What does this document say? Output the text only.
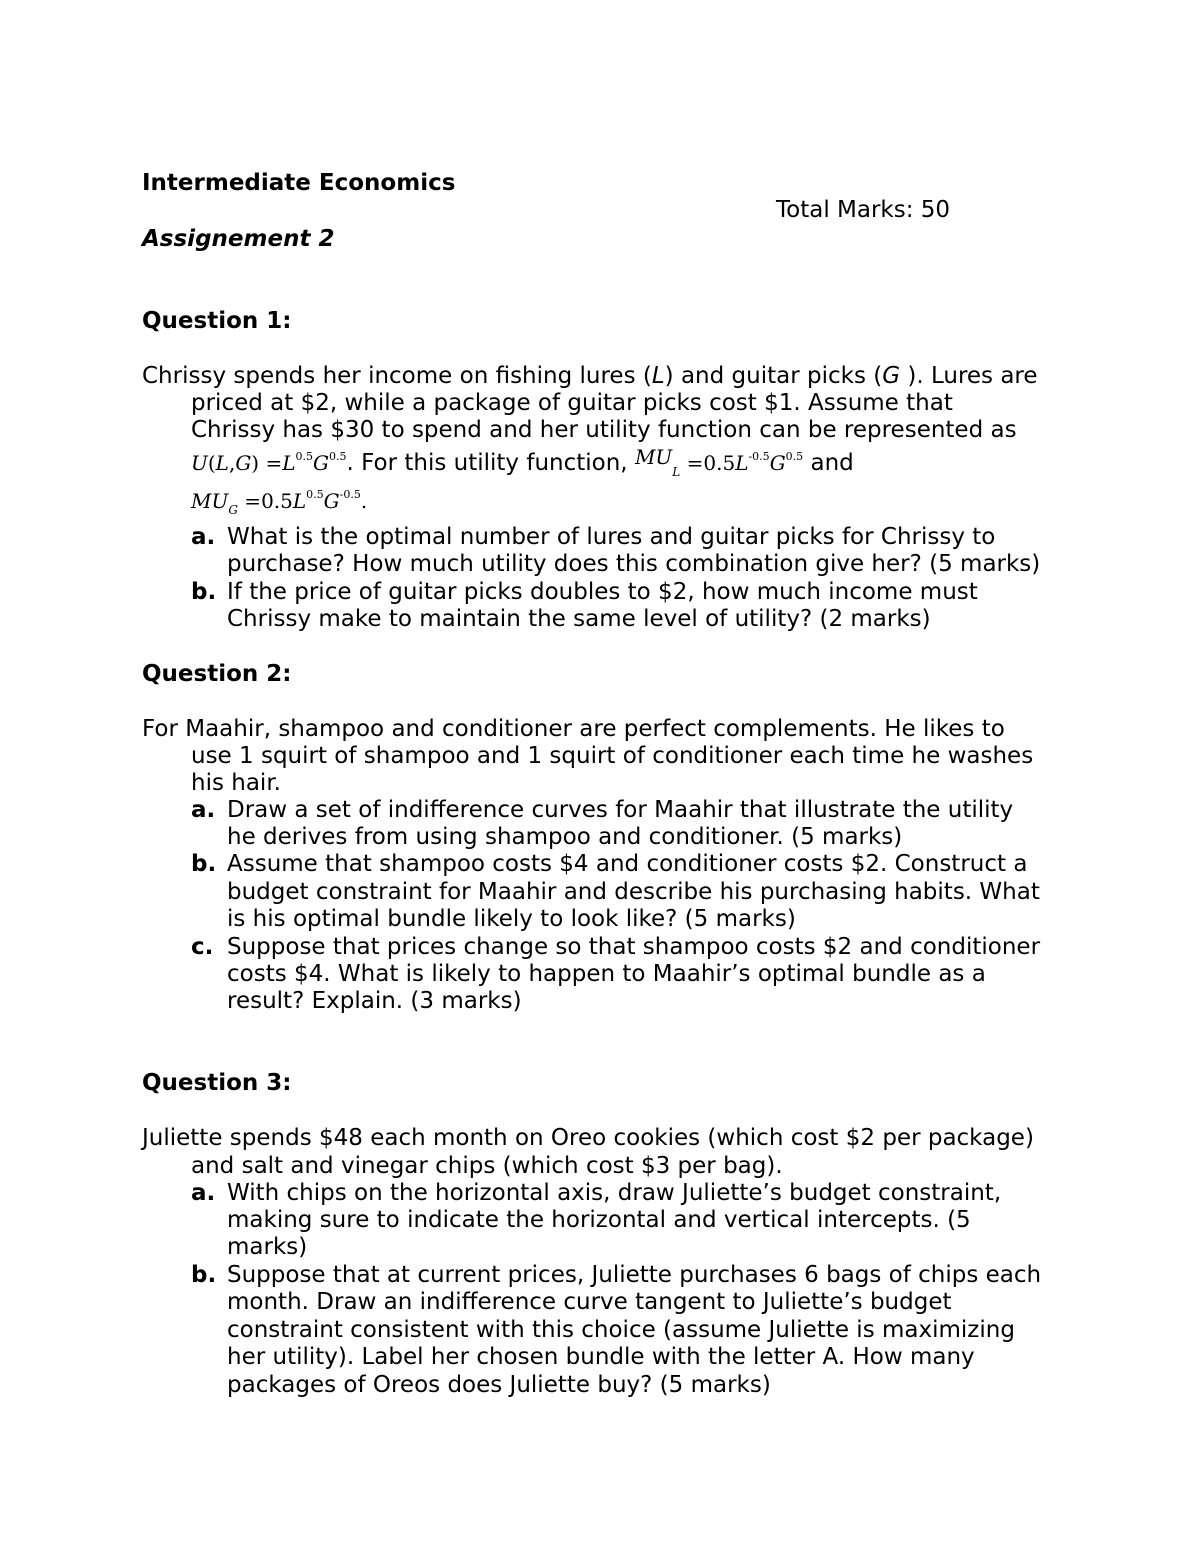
Intermediate Economics
Total Marks: 50
Assignement 2
Question 1:
Chrissy spends her income on fishing lures (L) and guitar picks (G ). Lures are
priced at $2, while a package of guitar picks cost $1. Assume that
Chrissy has $30 to spend and her utility function can be represented as
$U(L,G) =L^{0.5}G^{0.5}$. For this utility function, $MU_L =0.5L^{-0.5}G^{0.5}$ and
$MU_G =0.5L^{0.5}G^{-0.5}$.
a. What is the optimal number of lures and guitar picks for Chrissy to
purchase? How much utility does this combination give her? (5 marks)
b. If the price of guitar picks doubles to $2, how much income must
Chrissy make to maintain the same level of utility? (2 marks)
Question 2:
For Maahir, shampoo and conditioner are perfect complements. He likes to
use 1 squirt of shampoo and 1 squirt of conditioner each time he washes
his hair.
a. Draw a set of indifference curves for Maahir that illustrate the utility
he derives from using shampoo and conditioner. (5 marks)
b. Assume that shampoo costs $4 and conditioner costs $2. Construct a
budget constraint for Maahir and describe his purchasing habits. What
is his optimal bundle likely to look like? (5 marks)
c. Suppose that prices change so that shampoo costs $2 and conditioner
costs $4. What is likely to happen to Maahir’s optimal bundle as a
result? Explain. (3 marks)
Question 3:
Juliette spends $48 each month on Oreo cookies (which cost $2 per package)
and salt and vinegar chips (which cost $3 per bag).
a. With chips on the horizontal axis, draw Juliette’s budget constraint,
making sure to indicate the horizontal and vertical intercepts. (5
marks)
b. Suppose that at current prices, Juliette purchases 6 bags of chips each
month. Draw an indifference curve tangent to Juliette’s budget
constraint consistent with this choice (assume Juliette is maximizing
her utility). Label her chosen bundle with the letter A. How many
packages of Oreos does Juliette buy? (5 marks)
